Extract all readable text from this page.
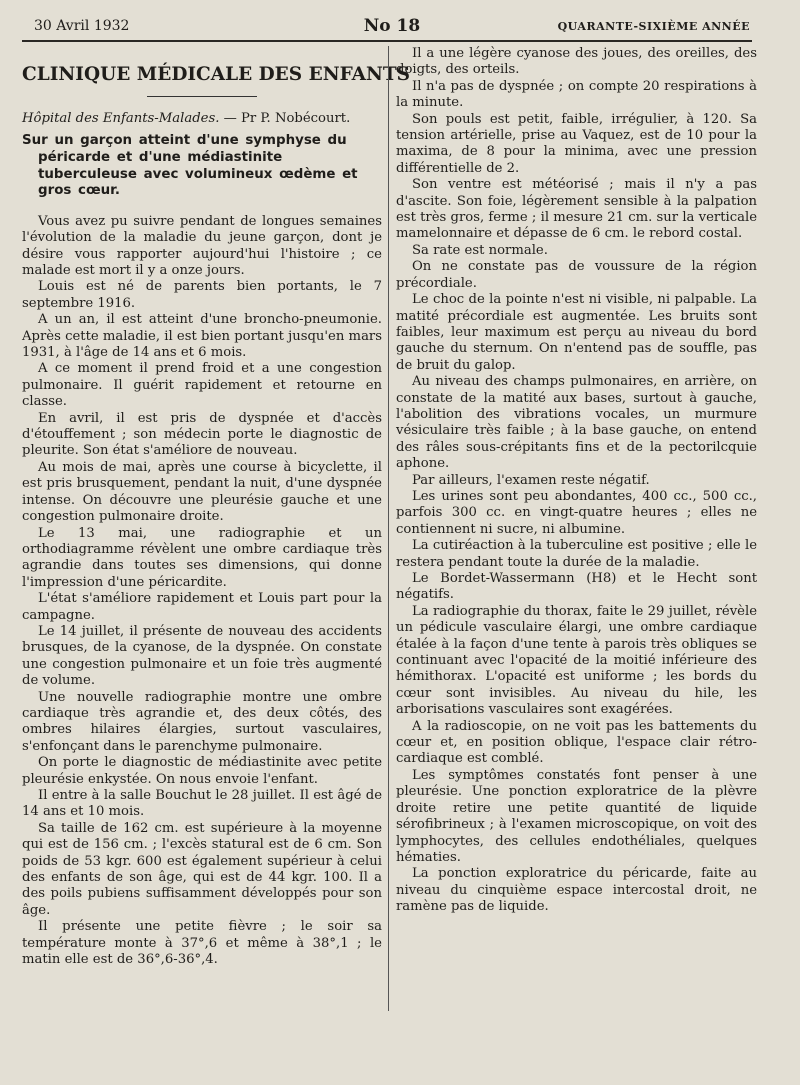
30 Avril 1932	No 18	QUARANTE-SIXIÈME ANNÉE
CLINIQUE MÉDICALE DES ENFANTS
Hôpital des Enfants-Malades. — Pr P. Nobécourt.
Sur un garçon atteint d'une symphyse du péricarde et d'une médiastinite tuberculeuse avec volumineux œdème et gros cœur.

Vous avez pu suivre pendant de longues semaines l'évolution de la maladie du jeune garçon, dont je désire vous rapporter aujourd'hui l'histoire ; ce malade est mort il y a onze jours.

Louis est né de parents bien portants, le 7 septembre 1916.

A un an, il est atteint d'une broncho-pneumonie. Après cette maladie, il est bien portant jusqu'en mars 1931, à l'âge de 14 ans et 6 mois.

A ce moment il prend froid et a une congestion pulmonaire. Il guérit rapidement et retourne en classe.

En avril, il est pris de dyspnée et d'accès d'étouffement ; son médecin porte le diagnostic de pleurite. Son état s'améliore de nouveau.

Au mois de mai, après une course à bicyclette, il est pris brusquement, pendant la nuit, d'une dyspnée intense. On découvre une pleurésie gauche et une congestion pulmonaire droite.

Le 13 mai, une radiographie et un orthodiagramme révèlent une ombre cardiaque très agrandie dans toutes ses dimensions, qui donne l'impression d'une péricardite.

L'état s'améliore rapidement et Louis part pour la campagne.

Le 14 juillet, il présente de nouveau des accidents brusques, de la cyanose, de la dyspnée. On constate une congestion pulmonaire et un foie très augmenté de volume.

Une nouvelle radiographie montre une ombre cardiaque très agrandie et, des deux côtés, des ombres hilaires élargies, surtout vasculaires, s'enfonçant dans le parenchyme pulmonaire.

On porte le diagnostic de médiastinite avec petite pleurésie enkystée. On nous envoie l'enfant.

Il entre à la salle Bouchut le 28 juillet. Il est âgé de 14 ans et 10 mois.

Sa taille de 162 cm. est supérieure à la moyenne qui est de 156 cm. ; l'excès statural est de 6 cm. Son poids de 53 kgr. 600 est également supérieur à celui des enfants de son âge, qui est de 44 kgr. 100. Il a des poils pubiens suffisamment développés pour son âge.

Il présente une petite fièvre ; le soir sa température monte à 37°,6 et même à 38°,1 ; le matin elle est de 36°,6-36°,4.

Il a une légère cyanose des joues, des oreilles, des doigts, des orteils.

Il n'a pas de dyspnée ; on compte 20 respirations à la minute.

Son pouls est petit, faible, irrégulier, à 120. Sa tension artérielle, prise au Vaquez, est de 10 pour la maxima, de 8 pour la minima, avec une pression différentielle de 2.

Son ventre est météorisé ; mais il n'y a pas d'ascite. Son foie, légèrement sensible à la palpation est très gros, ferme ; il mesure 21 cm. sur la verticale mamelonnaire et dépasse de 6 cm. le rebord costal.

Sa rate est normale.

On ne constate pas de voussure de la région précordiale.

Le choc de la pointe n'est ni visible, ni palpable. La matité précordiale est augmentée. Les bruits sont faibles, leur maximum est perçu au niveau du bord gauche du sternum. On n'entend pas de souffle, pas de bruit du galop.

Au niveau des champs pulmonaires, en arrière, on constate de la matité aux bases, surtout à gauche, l'abolition des vibrations vocales, un murmure vésiculaire très faible ; à la base gauche, on entend des râles sous-crépitants fins et de la pectorilcquie aphone.

Par ailleurs, l'examen reste négatif.

Les urines sont peu abondantes, 400 cc., 500 cc., parfois 300 cc. en vingt-quatre heures ; elles ne contiennent ni sucre, ni albumine.

La cutiréaction à la tuberculine est positive ; elle le restera pendant toute la durée de la maladie.

Le Bordet-Wassermann (H8) et le Hecht sont négatifs.

La radiographie du thorax, faite le 29 juillet, révèle un pédicule vasculaire élargi, une ombre cardiaque étalée à la façon d'une tente à parois très obliques se continuant avec l'opacité de la moitié inférieure des hémithorax. L'opacité est uniforme ; les bords du cœur sont invisibles. Au niveau du hile, les arborisations vasculaires sont exagérées.

A la radioscopie, on ne voit pas les battements du cœur et, en position oblique, l'espace clair rétro-cardiaque est comblé.

Les symptômes constatés font penser à une pleurésie. Une ponction exploratrice de la plèvre droite retire une petite quantité de liquide sérofibrineux ; à l'examen microscopique, on voit des lymphocytes, des cellules endothéliales, quelques hématies.

La ponction exploratrice du péricarde, faite au niveau du cinquième espace intercostal droit, ne ramène pas de liquide.
